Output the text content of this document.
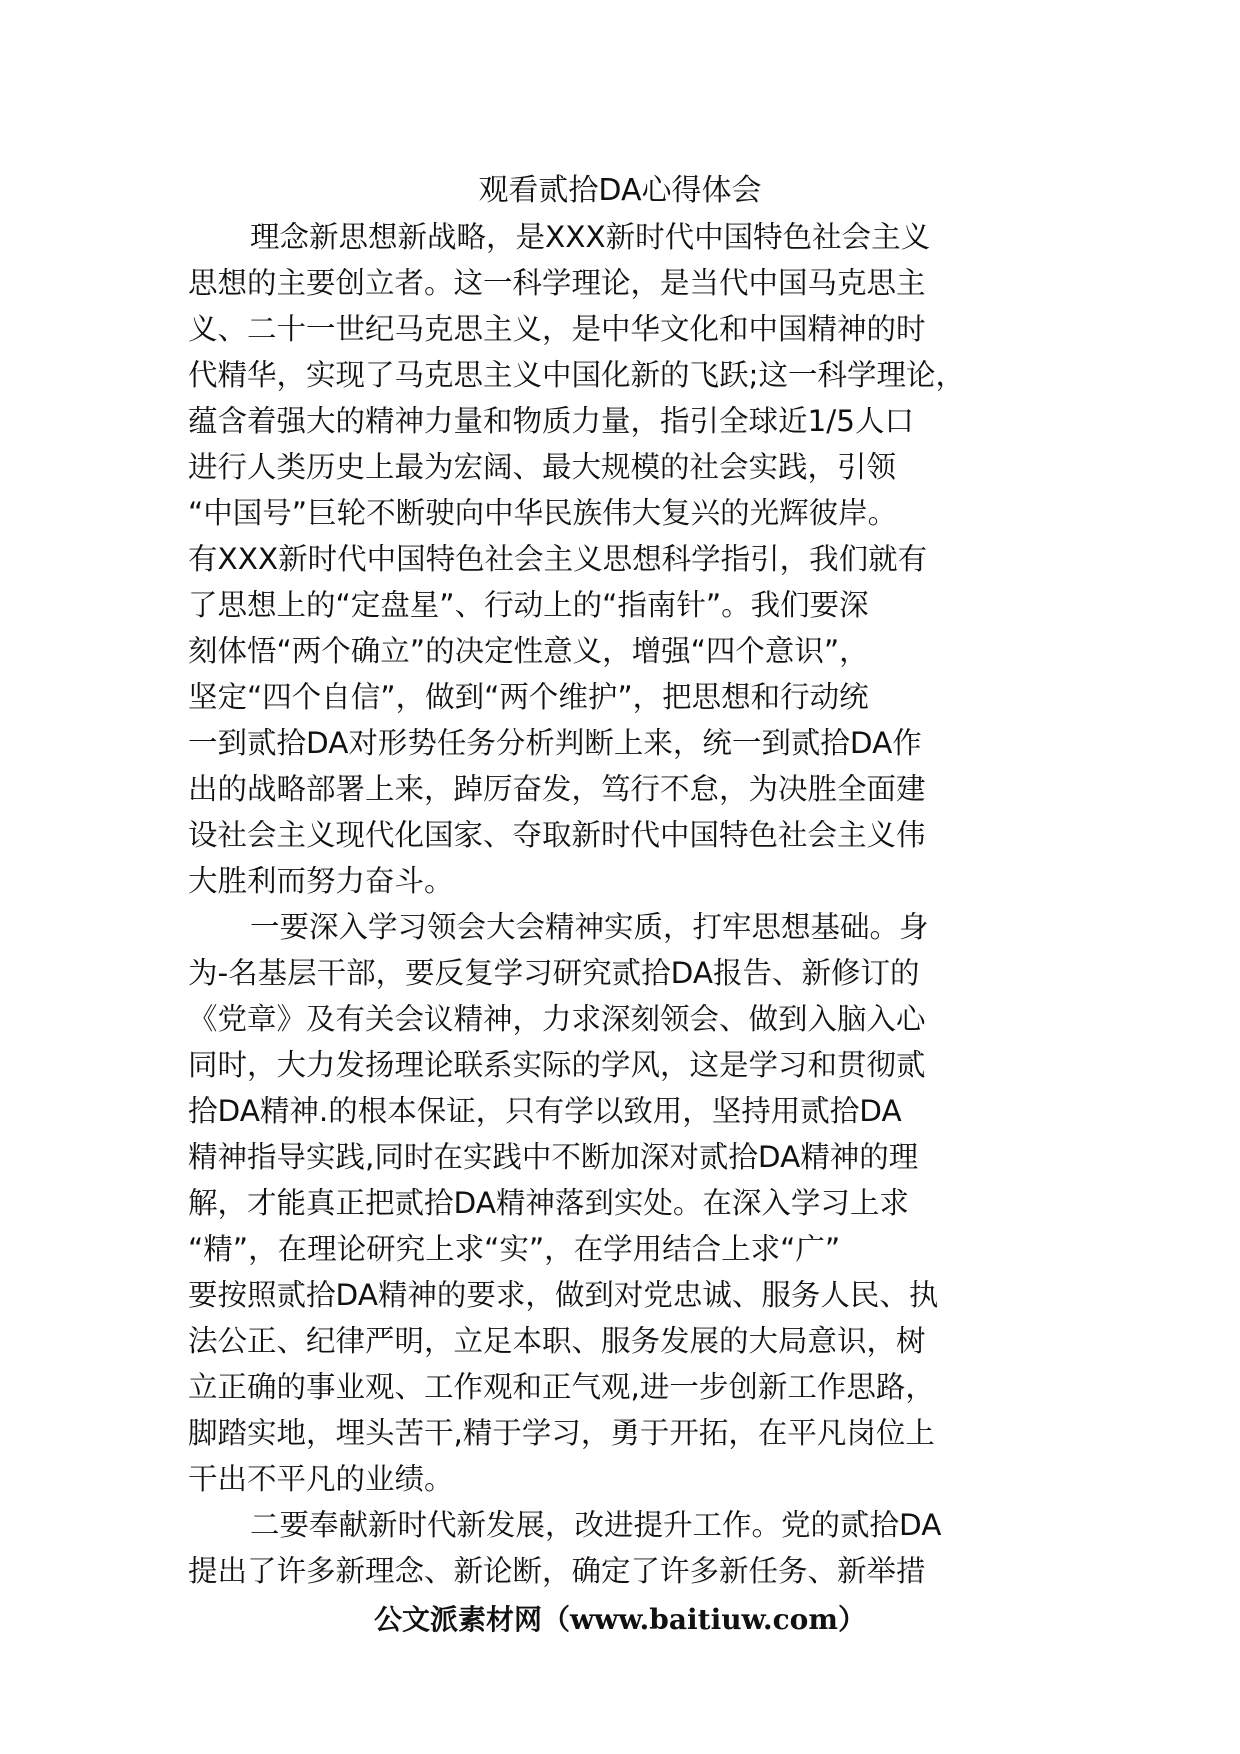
观看贰拾DA心得体会
理念新思想新战略，是XXX新时代中国特色社会主义
思想的主要创立者。这一科学理论，是当代中国马克思主
义、二十一世纪马克思主义，是中华文化和中国精神的时
代精华，实现了马克思主义中国化新的飞跃;这一科学理论，
蕴含着强大的精神力量和物质力量，指引全球近1/5人口
进行人类历史上最为宏阔、最大规模的社会实践，引领
“中国号”巨轮不断驶向中华民族伟大复兴的光辉彼岸。
有XXX新时代中国特色社会主义思想科学指引，我们就有
了思想上的“定盘星”、行动上的“指南针”。我们要深
刻体悟“两个确立”的决定性意义，增强“四个意识”，
坚定“四个自信”，做到“两个维护”，把思想和行动统
一到贰拾DA对形势任务分析判断上来，统一到贰拾DA作
出的战略部署上来，踔厉奋发，笃行不怠，为决胜全面建
设社会主义现代化国家、夺取新时代中国特色社会主义伟
大胜利而努力奋斗。
一要深入学习领会大会精神实质，打牢思想基础。身
为-名基层干部，要反复学习研究贰拾DA报告、新修订的
《党章》及有关会议精神，力求深刻领会、做到入脑入心
同时，大力发扬理论联系实际的学风，这是学习和贯彻贰
拾DA精神.的根本保证，只有学以致用，坚持用贰拾DA
精神指导实践,同时在实践中不断加深对贰拾DA精神的理
解，才能真正把贰拾DA精神落到实处。在深入学习上求
“精”，在理论研究上求“实”，在学用结合上求“广”
要按照贰拾DA精神的要求，做到对党忠诚、服务人民、执
法公正、纪律严明，立足本职、服务发展的大局意识，树
立正确的事业观、工作观和正气观,进一步创新工作思路，
脚踏实地，埋头苦干,精于学习，勇于开拓，在平凡岗位上
干出不平凡的业绩。
二要奉献新时代新发展，改进提升工作。党的贰拾DA
提出了许多新理念、新论断，确定了许多新任务、新举措
公文派素材网（www.baitiuw.com）
